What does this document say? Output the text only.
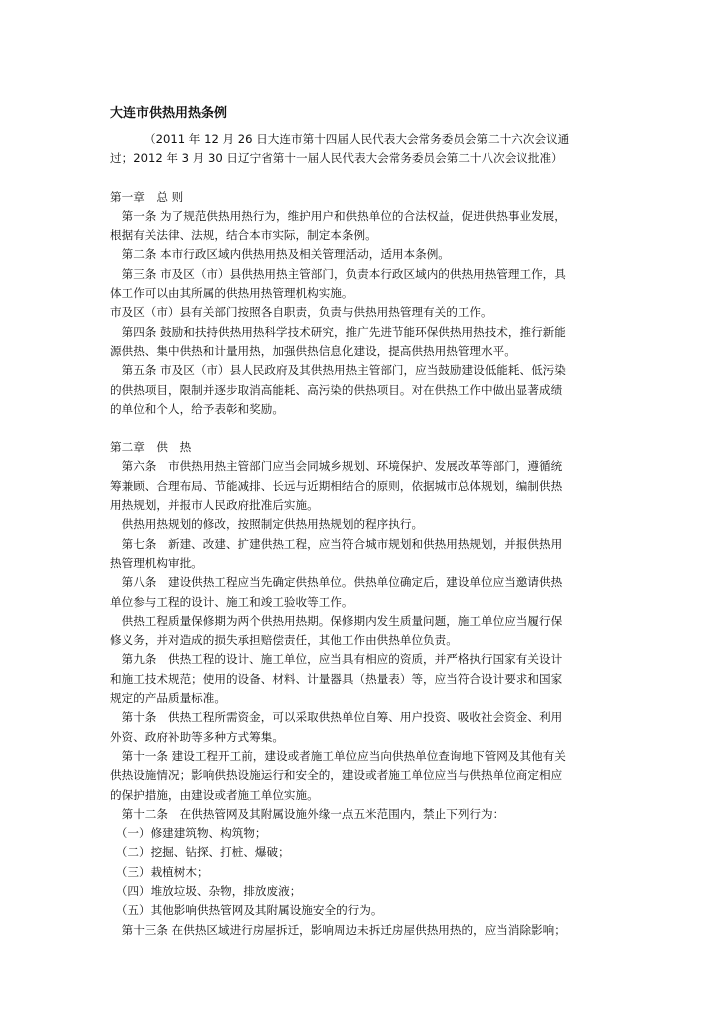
大连市供热用热条例
（2011 年 12 月 26 日大连市第十四届人民代表大会常务委员会第二十六次会议通
过；2012 年 3 月 30 日辽宁省第十一届人民代表大会常务委员会第二十八次会议批准）
第一章　总 则
　第一条 为了规范供热用热行为，维护用户和供热单位的合法权益，促进供热事业发展，
根据有关法律、法规，结合本市实际，制定本条例。
　第二条 本市行政区域内供热用热及相关管理活动，适用本条例。
　第三条 市及区（市）县供热用热主管部门，负责本行政区域内的供热用热管理工作，具
体工作可以由其所属的供热用热管理机构实施。
市及区（市）县有关部门按照各自职责，负责与供热用热管理有关的工作。
　第四条 鼓励和扶持供热用热科学技术研究，推广先进节能环保供热用热技术，推行新能
源供热、集中供热和计量用热，加强供热信息化建设，提高供热用热管理水平。
　第五条 市及区（市）县人民政府及其供热用热主管部门，应当鼓励建设低能耗、低污染
的供热项目，限制并逐步取消高能耗、高污染的供热项目。对在供热工作中做出显著成绩
的单位和个人，给予表彰和奖励。
第二章　供　热
　第六条　市供热用热主管部门应当会同城乡规划、环境保护、发展改革等部门，遵循统
筹兼顾、合理布局、节能减排、长远与近期相结合的原则，依据城市总体规划，编制供热
用热规划，并报市人民政府批准后实施。
　供热用热规划的修改，按照制定供热用热规划的程序执行。
　第七条　新建、改建、扩建供热工程，应当符合城市规划和供热用热规划，并报供热用
热管理机构审批。
　第八条　建设供热工程应当先确定供热单位。供热单位确定后，建设单位应当邀请供热
单位参与工程的设计、施工和竣工验收等工作。
　供热工程质量保修期为两个供热用热期。保修期内发生质量问题，施工单位应当履行保
修义务，并对造成的损失承担赔偿责任，其他工作由供热单位负责。
　第九条　供热工程的设计、施工单位，应当具有相应的资质，并严格执行国家有关设计
和施工技术规范；使用的设备、材料、计量器具（热量表）等，应当符合设计要求和国家
规定的产品质量标准。
　第十条　供热工程所需资金，可以采取供热单位自筹、用户投资、吸收社会资金、利用
外资、政府补助等多种方式筹集。
　第十一条 建设工程开工前，建设或者施工单位应当向供热单位查询地下管网及其他有关
供热设施情况；影响供热设施运行和安全的，建设或者施工单位应当与供热单位商定相应
的保护措施，由建设或者施工单位实施。
　第十二条　在供热管网及其附属设施外缘一点五米范围内，禁止下列行为：
　（一）修建建筑物、构筑物；
　（二）挖掘、钻探、打桩、爆破；
　（三）栽植树木；
　（四）堆放垃圾、杂物，排放废液；
　（五）其他影响供热管网及其附属设施安全的行为。
　第十三条 在供热区域进行房屋拆迁，影响周边未拆迁房屋供热用热的，应当消除影响；
